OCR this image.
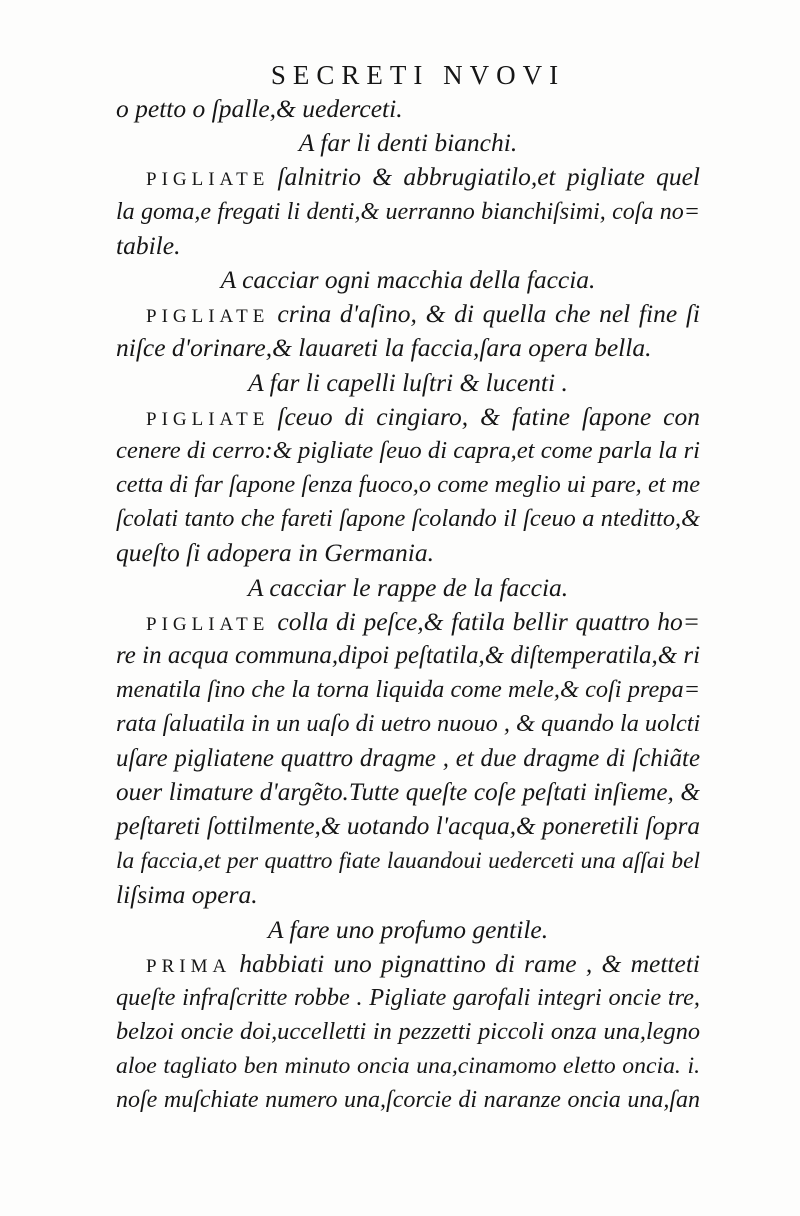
SECRETI NVOVI
o petto o ſpalle,& uederceti.
A far li denti bianchi.
PIGLIATE ſalnitrio & abbrugiatilo,et pigliate quel
la goma,e fregati li denti,& uerranno bianchiſsimi, coſa no=
tabile.
A cacciar ogni macchia della faccia.
PIGLIATE crina d'aſino, & di quella che nel fine ſi
niſce d'orinare,& lauareti la faccia,ſara opera bella.
A far li capelli luſtri & lucenti .
PIGLIATE ſceuo di cingiaro, & fatine ſapone con
cenere di cerro:& pigliate ſeuo di capra,et come parla la ri
cetta di far ſapone ſenza fuoco,o come meglio ui pare, et me
ſcolati tanto che fareti ſapone ſcolando il ſceuo a nteditto,&
queſto ſi adopera in Germania.
A cacciar le rappe de la faccia.
PIGLIATE colla di peſce,& fatila bellir quattro ho=
re in acqua communa,dipoi peſtatila,& diſtemperatila,& ri
menatila ſino che la torna liquida come mele,& coſi prepa=
rata ſaluatila in un uaſo di uetro nuouo , & quando la uolcti
uſare pigliatene quattro dragme , et due dragme di ſchiãte
ouer limature d'argẽto.Tutte queſte coſe peſtati inſieme, &
peſtareti ſottilmente,& uotando l'acqua,& poneretili ſopra
la faccia,et per quattro fiate lauandoui uederceti una aſſai bel
liſsima opera.
A fare uno profumo gentile.
PRIMA habbiati uno pignattino di rame , & metteti
queſte infraſcritte robbe . Pigliate garofali integri oncie tre,
belzoi oncie doi,uccelletti in pezzetti piccoli onza una,legno
aloe tagliato ben minuto oncia una,cinamomo eletto oncia. i.
noſe muſchiate numero una,ſcorcie di naranze oncia una,ſan
